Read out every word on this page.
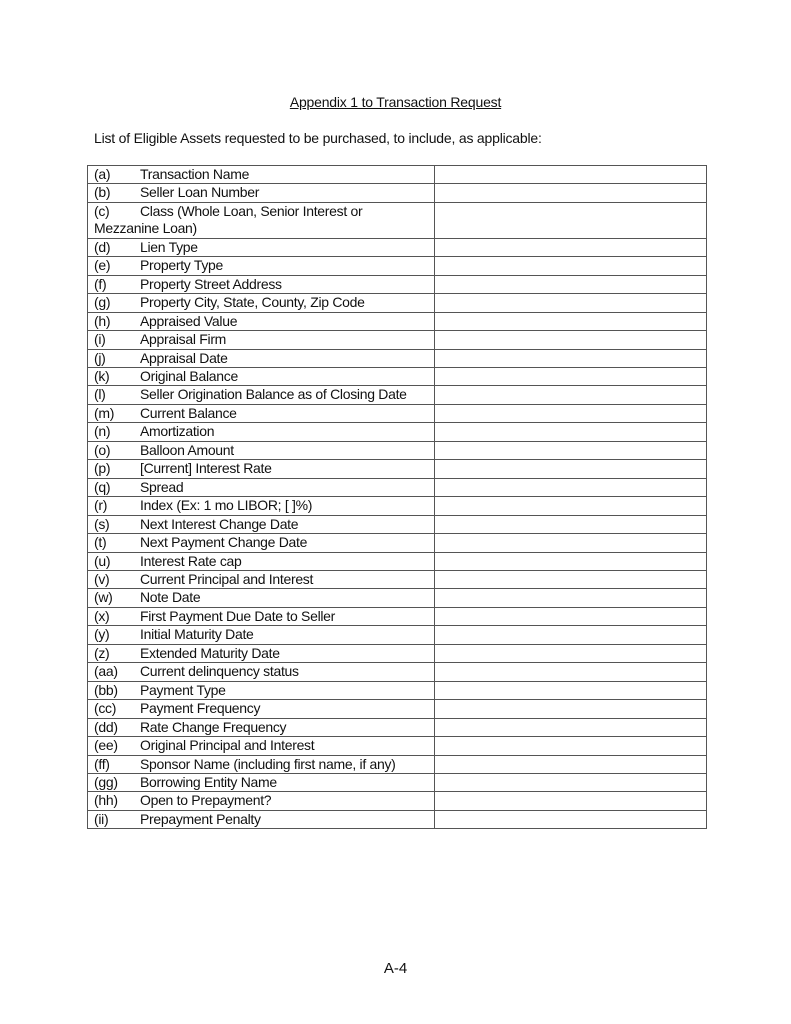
Appendix 1 to Transaction Request
List of Eligible Assets requested to be purchased, to include, as applicable:
(a) Transaction Name	
(b) Seller Loan Number	
(c) Class (Whole Loan, Senior Interest or
Mezzanine Loan)	
(d) Lien Type	
(e) Property Type	
(f) Property Street Address	
(g) Property City, State, County, Zip Code	
(h) Appraised Value	
(i) Appraisal Firm	
(j) Appraisal Date	
(k) Original Balance	
(l) Seller Origination Balance as of Closing Date	
(m) Current Balance	
(n) Amortization	
(o) Balloon Amount	
(p) [Current] Interest Rate	
(q) Spread	
(r) Index (Ex: 1 mo LIBOR; [ ]%)	
(s) Next Interest Change Date	
(t) Next Payment Change Date	
(u) Interest Rate cap	
(v) Current Principal and Interest	
(w) Note Date	
(x) First Payment Due Date to Seller	
(y) Initial Maturity Date	
(z) Extended Maturity Date	
(aa) Current delinquency status	
(bb) Payment Type	
(cc) Payment Frequency	
(dd) Rate Change Frequency	
(ee) Original Principal and Interest	
(ff) Sponsor Name (including first name, if any)	
(gg) Borrowing Entity Name	
(hh) Open to Prepayment?	
(ii) Prepayment Penalty	
A-4
